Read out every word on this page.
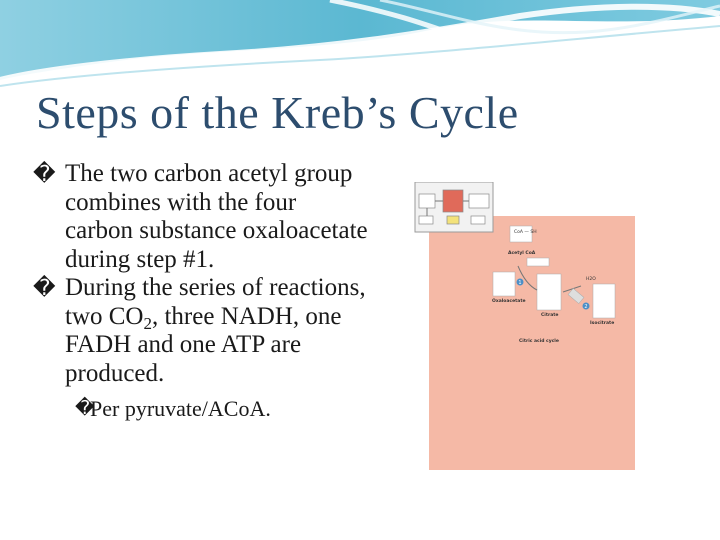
Steps of the Kreb’s Cycle
� The two carbon acetyl group combines with the four carbon substance oxaloacetate during step #1.
� During the series of reactions, two $CO_2$, three NADH, one FADH and one ATP are produced.
�
Per pyruvate/ACoA.
CoA — SH
Acetyl CoA
Oxaloacetate
Citrate
Isocitrate
Citric acid cycle
H2O
1
2
